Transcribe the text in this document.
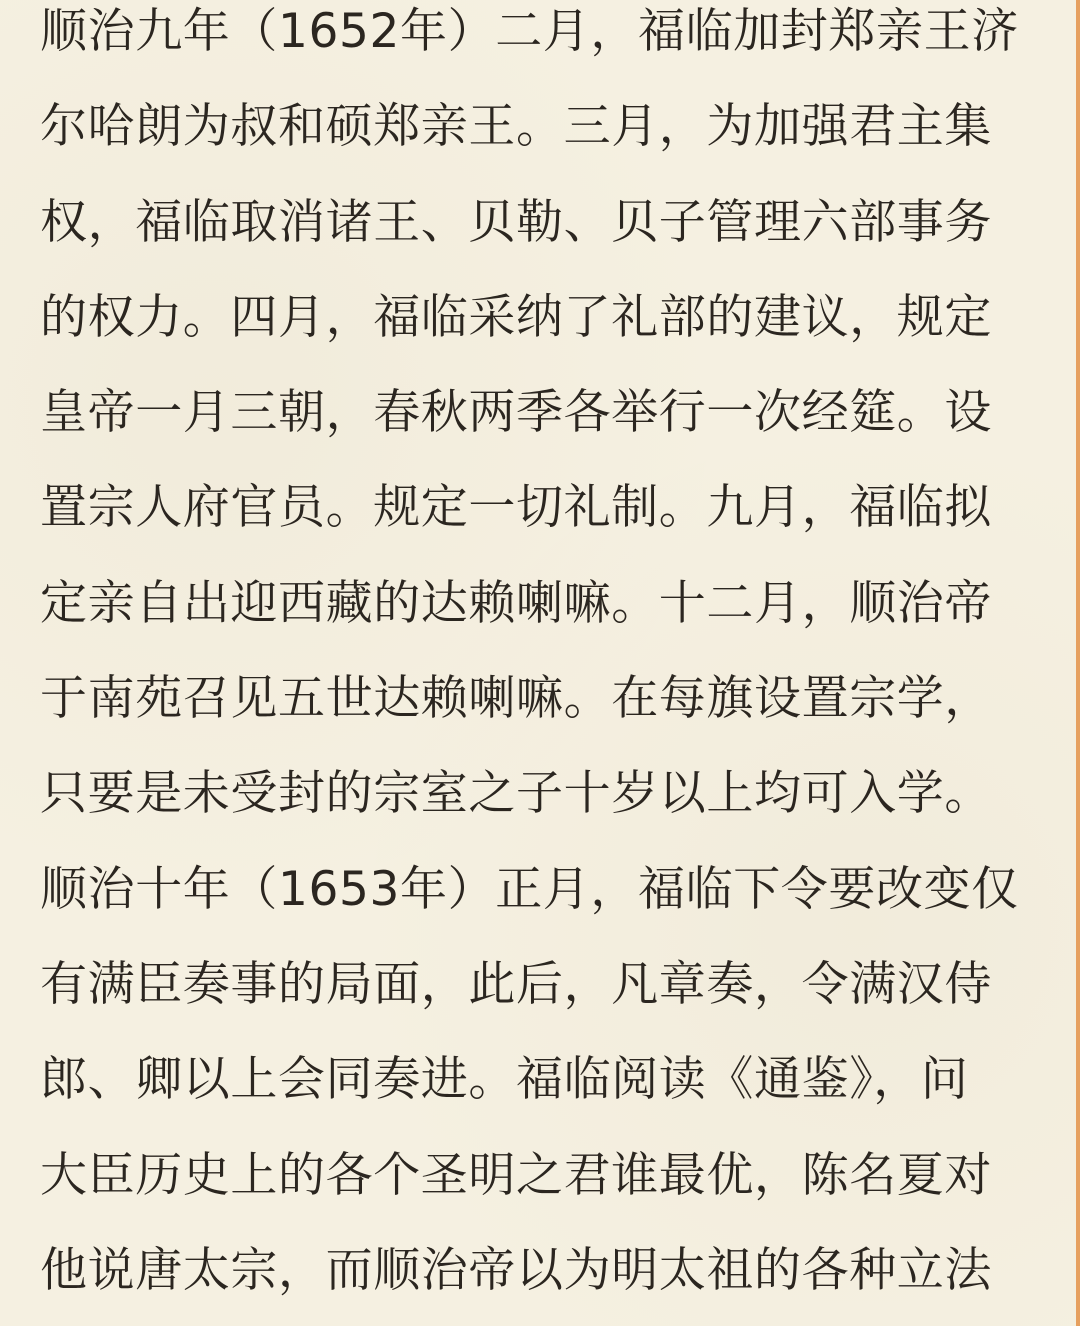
顺治九年（1652年）二月，福临加封郑亲王济
尔哈朗为叔和硕郑亲王。三月，为加强君主集
权，福临取消诸王、贝勒、贝子管理六部事务
的权力。四月，福临采纳了礼部的建议，规定
皇帝一月三朝，春秋两季各举行一次经筵。设
置宗人府官员。规定一切礼制。九月，福临拟
定亲自出迎西藏的达赖喇嘛。十二月，顺治帝
于南苑召见五世达赖喇嘛。在每旗设置宗学，
只要是未受封的宗室之子十岁以上均可入学。
顺治十年（1653年）正月，福临下令要改变仅
有满臣奏事的局面，此后，凡章奏，令满汉侍
郎、卿以上会同奏进。福临阅读《通鉴》，问
大臣历史上的各个圣明之君谁最优，陈名夏对
他说唐太宗，而顺治帝以为明太祖的各种立法
